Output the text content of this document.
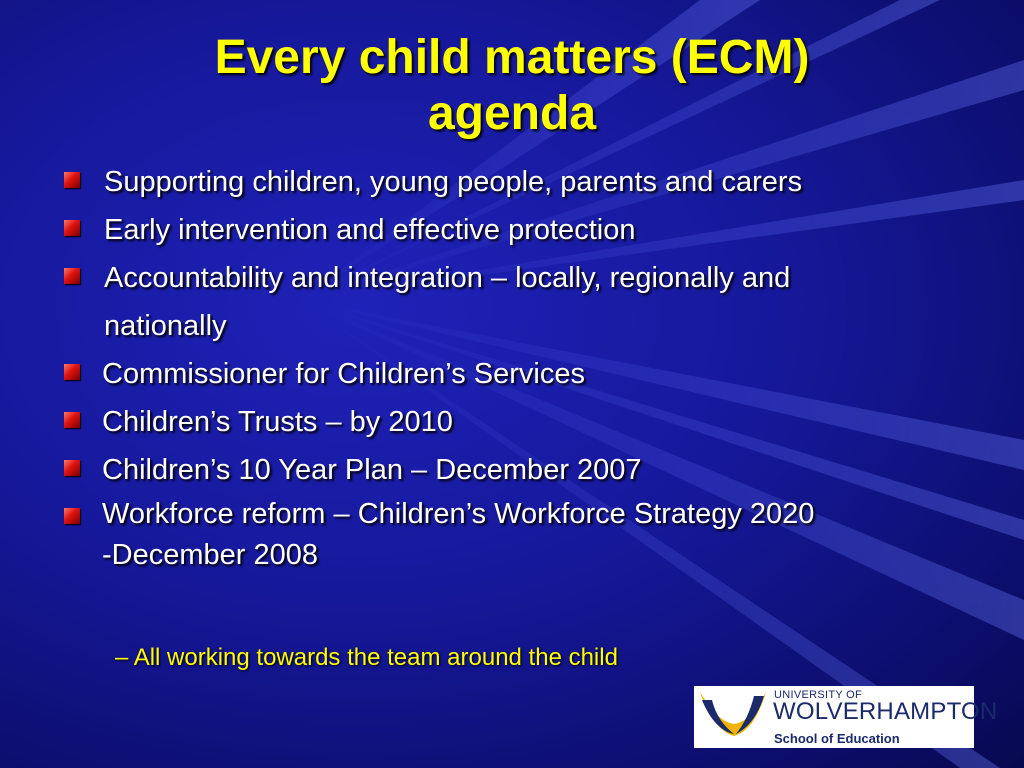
Every child matters (ECM)
agenda
Supporting children, young people, parents and carers
Early intervention and effective protection
Accountability and integration – locally, regionally and
nationally
Commissioner for Children’s Services
Children’s Trusts – by 2010
Children’s 10 Year Plan – December 2007
Workforce reform – Children’s Workforce Strategy 2020
-December 2008
– All working towards the team around the child
UNIVERSITY OF
WOLVERHAMPTON
School of Education
